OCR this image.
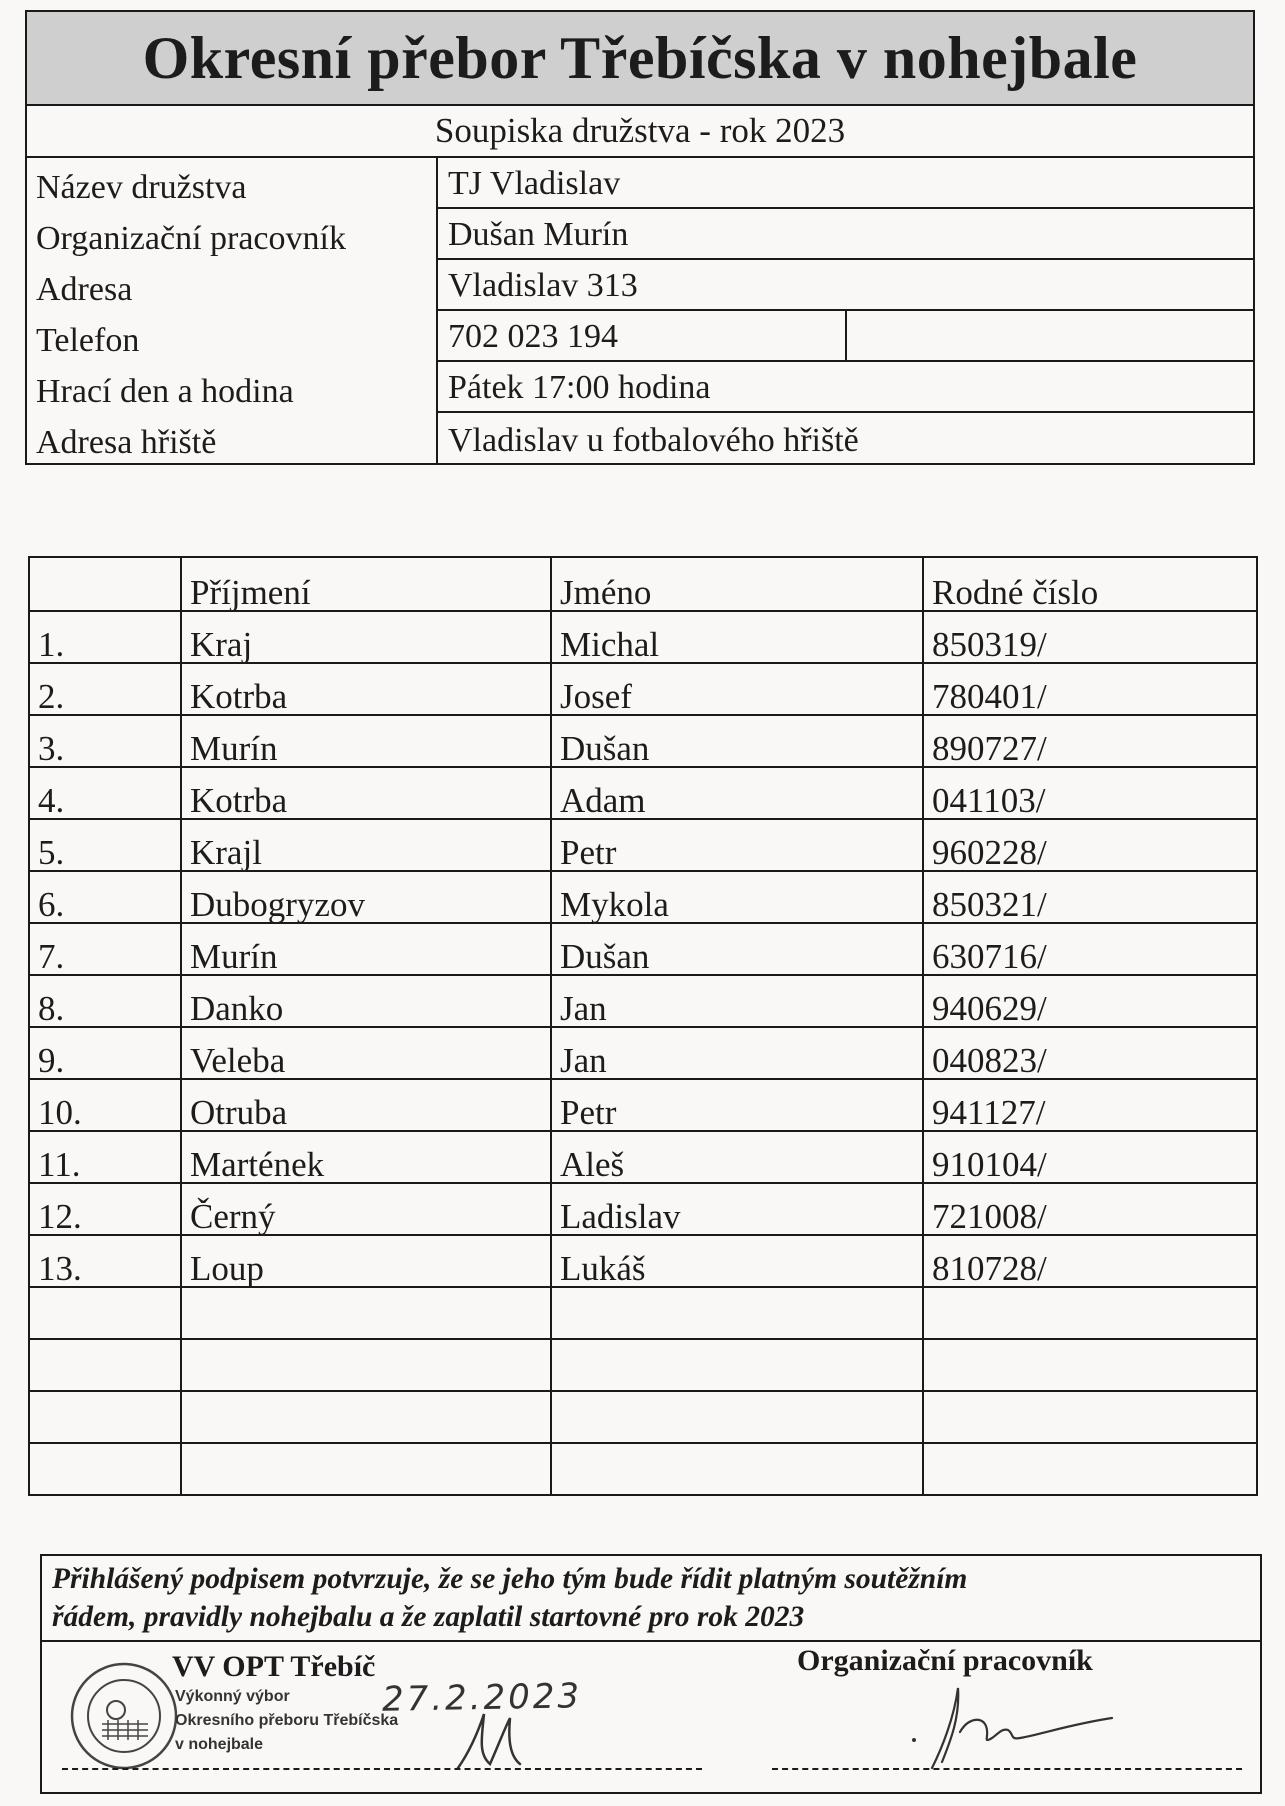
Okresní přebor Třebíčska v nohejbale
Soupiska družstva - rok 2023
Název družstva	TJ Vladislav
Organizační pracovník	Dušan Murín
Adresa	Vladislav 313
Telefon	702 023 194
Hrací den a hodina	Pátek 17:00 hodina
Adresa hřiště	Vladislav u fotbalového hřiště
	Příjmení	Jméno	Rodné číslo
1.	Kraj	Michal	850319/
2.	Kotrba	Josef	780401/
3.	Murín	Dušan	890727/
4.	Kotrba	Adam	041103/
5.	Krajl	Petr	960228/
6.	Dubogryzov	Mykola	850321/
7.	Murín	Dušan	630716/
8.	Danko	Jan	940629/
9.	Veleba	Jan	040823/
10.	Otruba	Petr	941127/
11.	Martének	Aleš	910104/
12.	Černý	Ladislav	721008/
13.	Loup	Lukáš	810728/

Přihlášený podpisem potvrzuje, že se jeho tým bude řídit platným soutěžním
řádem, pravidly nohejbalu a že zaplatil startovné pro rok 2023
VV OPT Třebíč
Výkonný výbor
Okresního přeboru Třebíčska
v nohejbale
27.2.2023
Organizační pracovník
